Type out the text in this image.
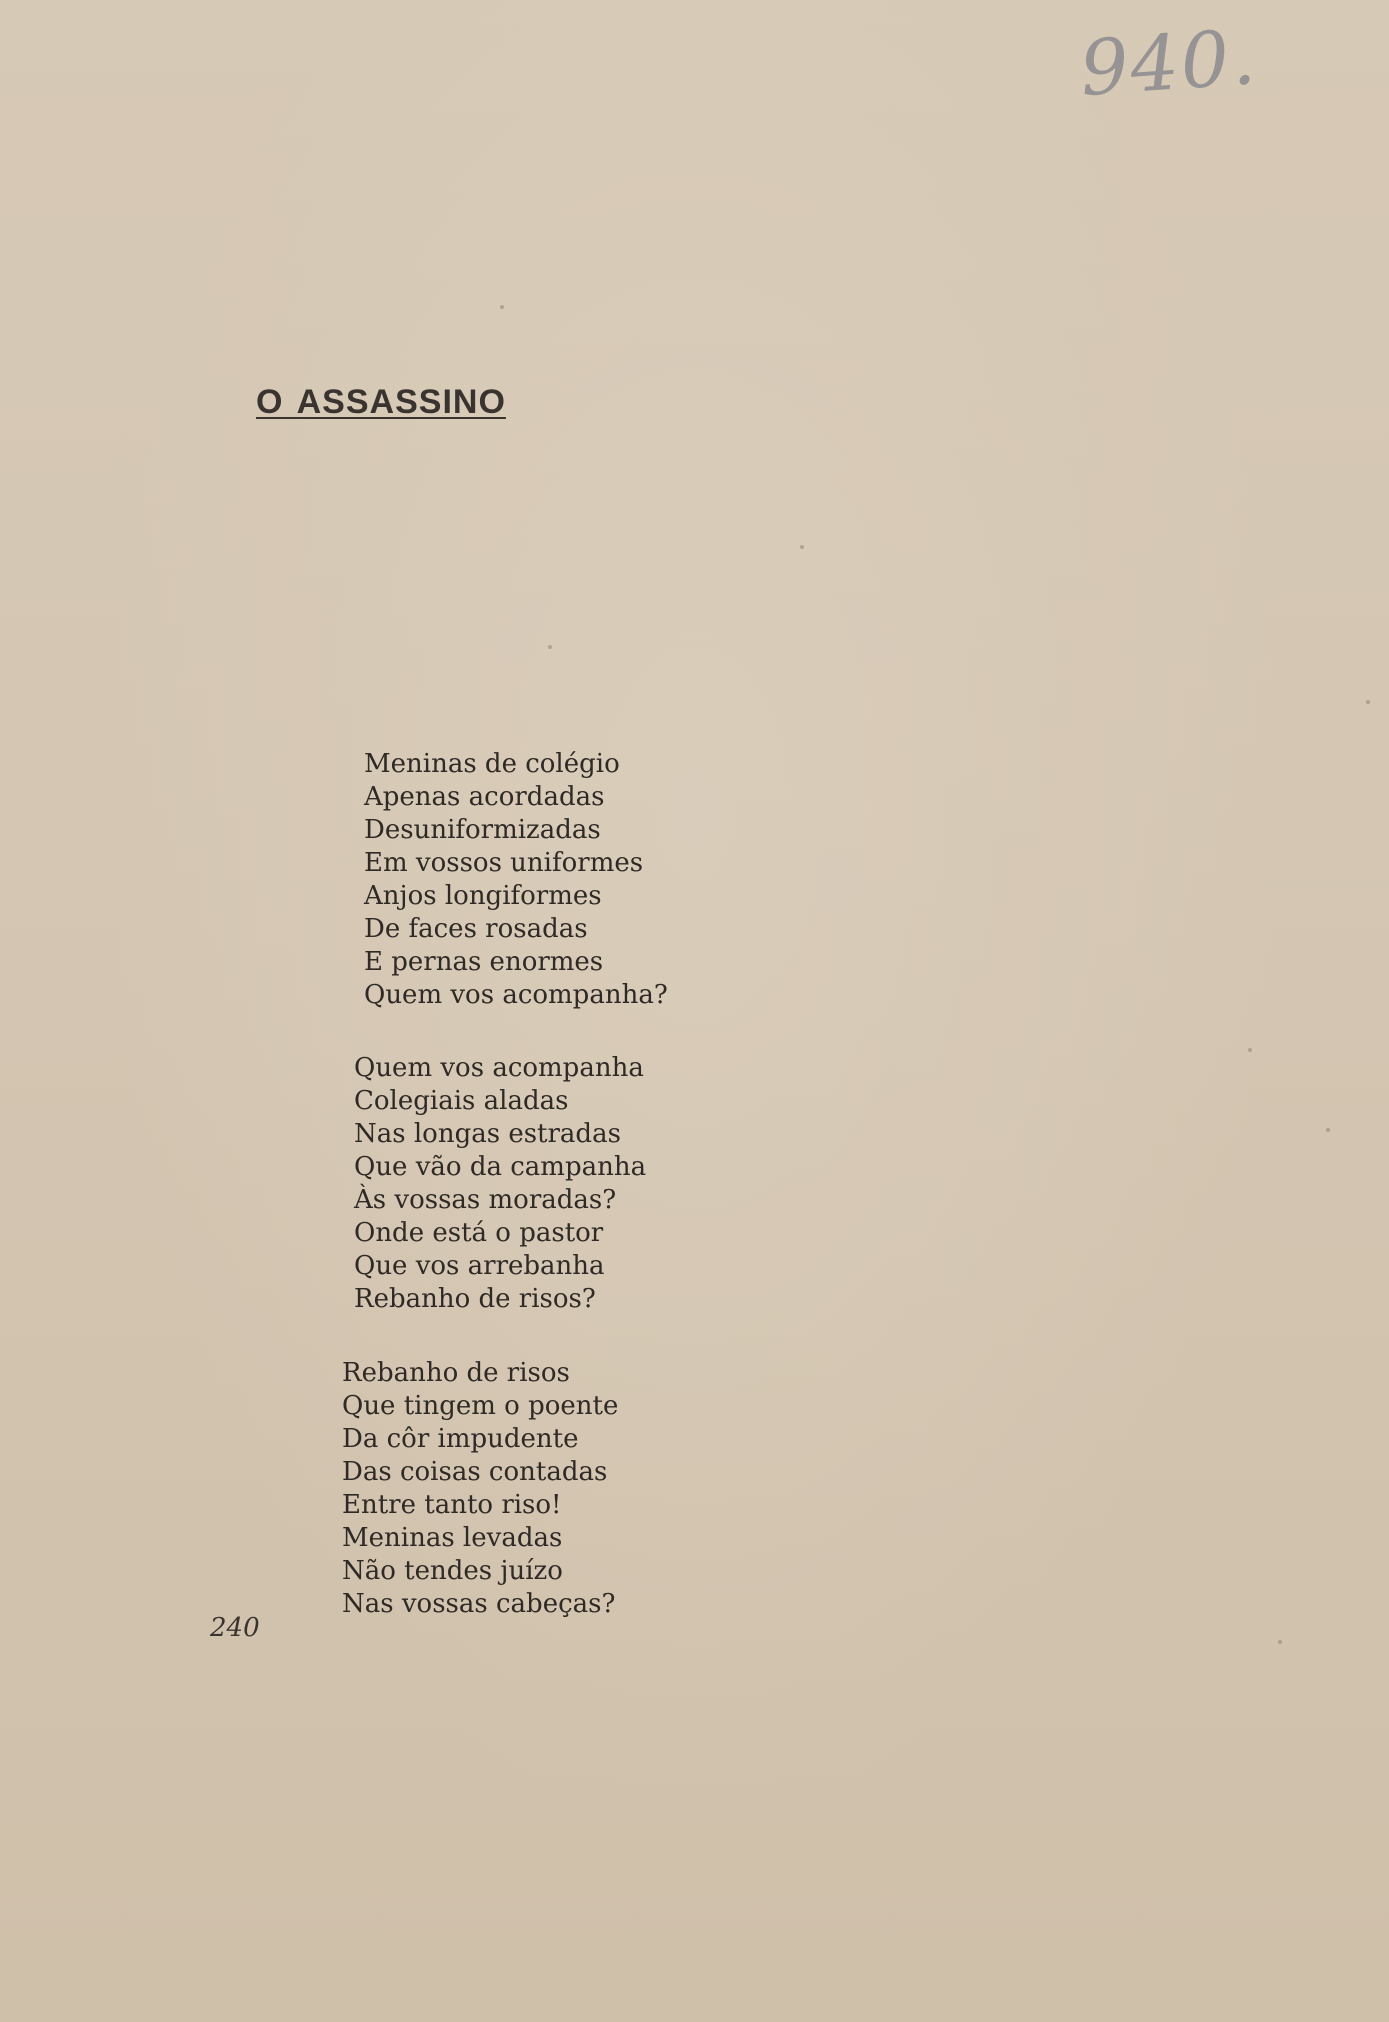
940.
O ASSASSINO
Meninas de colégio
Apenas acordadas
Desuniformizadas
Em vossos uniformes
Anjos longiformes
De faces rosadas
E pernas enormes
Quem vos acompanha?
Quem vos acompanha
Colegiais aladas
Nas longas estradas
Que vão da campanha
Às vossas moradas?
Onde está o pastor
Que vos arrebanha
Rebanho de risos?
Rebanho de risos
Que tingem o poente
Da côr impudente
Das coisas contadas
Entre tanto riso!
Meninas levadas
Não tendes juízo
Nas vossas cabeças?
240
